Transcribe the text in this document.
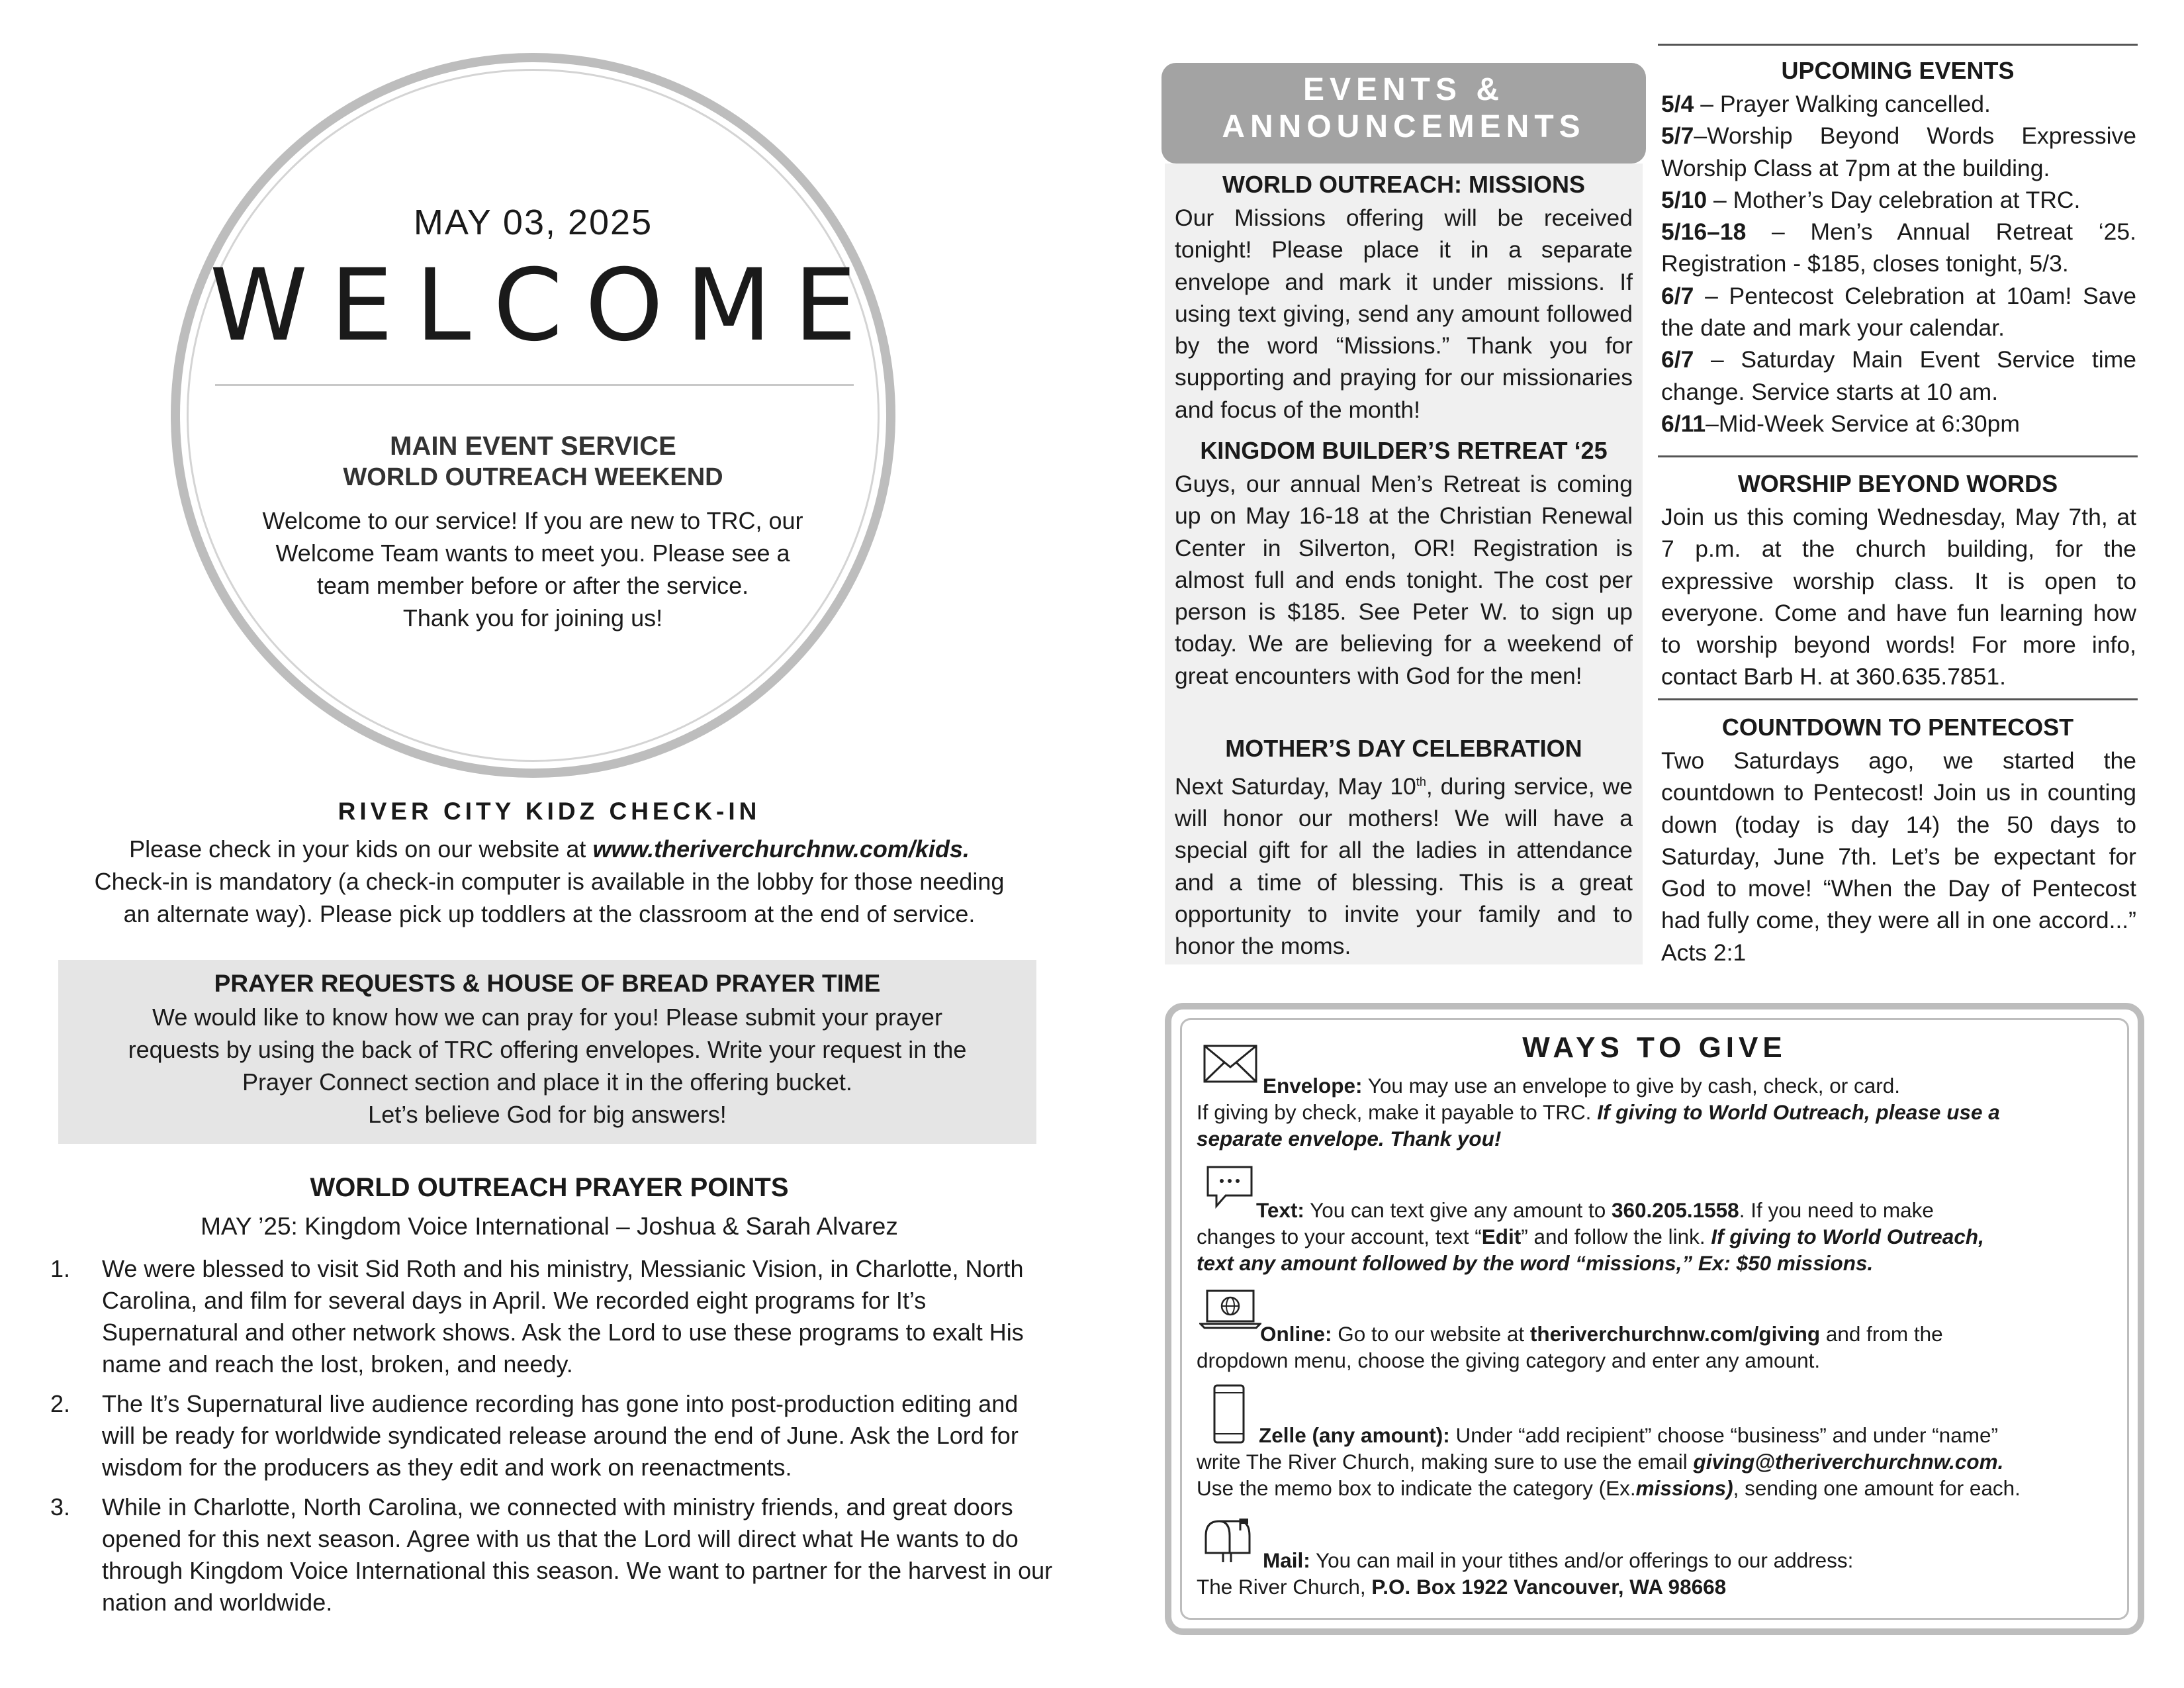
MAY 03, 2025
WELCOME
MAIN EVENT SERVICE
WORLD OUTREACH WEEKEND
Welcome to our service! If you are new to TRC, our
Welcome Team wants to meet you. Please see a
team member before or after the service.
Thank you for joining us!
RIVER CITY KIDZ CHECK-IN
Please check in your kids on our website at www.theriverchurchnw.com/kids.
Check-in is mandatory (a check-in computer is available in the lobby for those needing
an alternate way). Please pick up toddlers at the classroom at the end of service.
PRAYER REQUESTS & HOUSE OF BREAD PRAYER TIME
We would like to know how we can pray for you! Please submit your prayer
requests by using the back of TRC offering envelopes. Write your request in the
Prayer Connect section and place it in the offering bucket.
Let’s believe God for big answers!
WORLD OUTREACH PRAYER POINTS
MAY ’25: Kingdom Voice International – Joshua & Sarah Alvarez
1.	We were blessed to visit Sid Roth and his ministry, Messianic Vision, in Charlotte, North Carolina, and film for several days in April. We recorded eight programs for It’s Supernatural and other network shows. Ask the Lord to use these programs to exalt His name and reach the lost, broken, and needy.
2.	The It’s Supernatural live audience recording has gone into post-production editing and will be ready for worldwide syndicated release around the end of June. Ask the Lord for wisdom for the producers as they edit and work on reenactments.
3.	While in Charlotte, North Carolina, we connected with ministry friends, and great doors opened for this next season. Agree with us that the Lord will direct what He wants to do through Kingdom Voice International this season. We want to partner for the harvest in our nation and worldwide.
EVENTS &
ANNOUNCEMENTS
WORLD OUTREACH: MISSIONS
Our Missions offering will be received tonight! Please place it in a separate envelope and mark it under missions. If using text giving, send any amount followed by the word “Missions.” Thank you for supporting and praying for our missionaries and focus of the month!
KINGDOM BUILDER’S RETREAT ‘25
Guys, our annual Men’s Retreat is coming up on May 16-18 at the Christian Renewal Center in Silverton, OR! Registration is almost full and ends tonight. The cost per person is $185. See Peter W. to sign up today. We are believing for a weekend of great encounters with God for the men!
MOTHER’S DAY CELEBRATION
Next Saturday, May 10th, during service, we will honor our mothers! We will have a special gift for all the ladies in attendance and a time of blessing. This is a great opportunity to invite your family and to honor the moms.
UPCOMING EVENTS

5/4 – Prayer Walking cancelled.

5/7–Worship Beyond Words Expressive Worship Class at 7pm at the building.

5/10 – Mother’s Day celebration at TRC.

5/16–18 – Men’s Annual Retreat ‘25. Registration - $185, closes tonight, 5/3.

6/7 – Pentecost Celebration at 10am! Save the date and mark your calendar.

6/7 – Saturday Main Event Service time change. Service starts at 10 am.

6/11–Mid-Week Service at 6:30pm

WORSHIP BEYOND WORDS
Join us this coming Wednesday, May 7th, at 7 p.m. at the church building, for the expressive worship class. It is open to everyone. Come and have fun learning how to worship beyond words! For more info, contact Barb H. at 360.635.7851.
COUNTDOWN TO PENTECOST
Two Saturdays ago, we started the countdown to Pentecost! Join us in counting down (today is day 14) the 50 days to Saturday, June 7th. Let’s be expectant for God to move! “When the Day of Pentecost had fully come, they were all in one accord...” Acts 2:1
WAYS TO GIVE
Envelope: You may use an envelope to give by cash, check, or card.
If giving by check, make it payable to TRC. If giving to World Outreach, please use a
separate envelope. Thank you!
Text: You can text give any amount to 360.205.1558. If you need to make
changes to your account, text “Edit” and follow the link. If giving to World Outreach,
text any amount followed by the word “missions,” Ex: $50 missions.
Online: Go to our website at theriverchurchnw.com/giving and from the
dropdown menu, choose the giving category and enter any amount.
Zelle (any amount): Under “add recipient” choose “business” and under “name”
write The River Church, making sure to use the email giving@theriverchurchnw.com.
Use the memo box to indicate the category (Ex.missions), sending one amount for each.
Mail: You can mail in your tithes and/or offerings to our address:
The River Church, P.O. Box 1922 Vancouver, WA 98668
